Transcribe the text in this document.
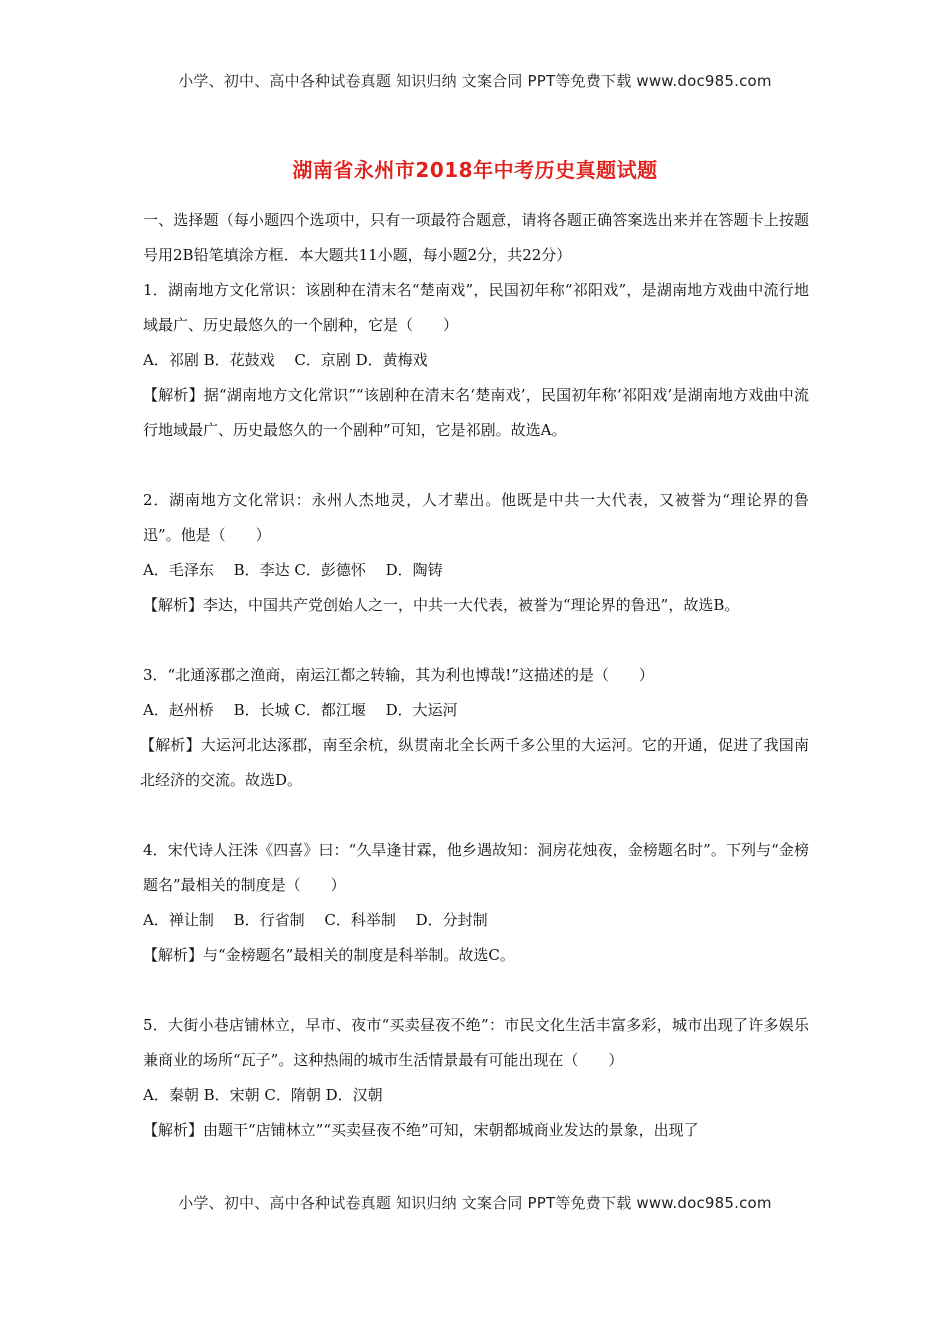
小学、初中、高中各种试卷真题 知识归纳 文案合同 PPT等免费下载 www.doc985.com
湖南省永州市2018年中考历史真题试题

一、选择题（每小题四个选项中，只有一项最符合题意，请将各题正确答案选出来并在答题卡上按题号用2B铅笔填涂方框．本大题共11小题，每小题2分，共22分）

1．湖南地方文化常识：该剧种在清末名“楚南戏”，民国初年称“祁阳戏”，是湖南地方戏曲中流行地域最广、历史最悠久的一个剧种，它是（　　）

A．祁剧 B．花鼓戏　 C．京剧 D．黄梅戏

【解析】据“湖南地方文化常识”“该剧种在清末名‘楚南戏’，民国初年称‘祁阳戏’是湖南地方戏曲中流行地域最广、历史最悠久的一个剧种”可知，它是祁剧。故选A。

2．湖南地方文化常识：永州人杰地灵，人才辈出。他既是中共一大代表，又被誉为“理论界的鲁迅”。他是（　　）

A．毛泽东　 B．李达 C．彭德怀　 D．陶铸

【解析】李达，中国共产党创始人之一，中共一大代表，被誉为“理论界的鲁迅”，故选B。

3．“北通涿郡之渔商，南运江都之转输，其为利也博哉!”这描述的是（　　）

A．赵州桥　 B．长城 C．都江堰　 D．大运河

【解析】大运河北达涿郡，南至余杭，纵贯南北全长两千多公里的大运河。它的开通，促进了我国南北经济的交流。故选D。

4．宋代诗人汪洙《四喜》曰：“久旱逢甘霖，他乡遇故知：洞房花烛夜，金榜题名时”。下列与“金榜题名”最相关的制度是（　　）

A．禅让制　 B．行省制　 C．科举制　 D．分封制

【解析】与“金榜题名”最相关的制度是科举制。故选C。

5．大街小巷店铺林立，早市、夜市“买卖昼夜不绝”：市民文化生活丰富多彩，城市出现了许多娱乐兼商业的场所“瓦子”。这种热闹的城市生活情景最有可能出现在（　　）

A．秦朝 B．宋朝 C．隋朝 D．汉朝

【解析】由题干“店铺林立”“买卖昼夜不绝”可知，宋朝都城商业发达的景象，出现了

小学、初中、高中各种试卷真题 知识归纳 文案合同 PPT等免费下载 www.doc985.com
